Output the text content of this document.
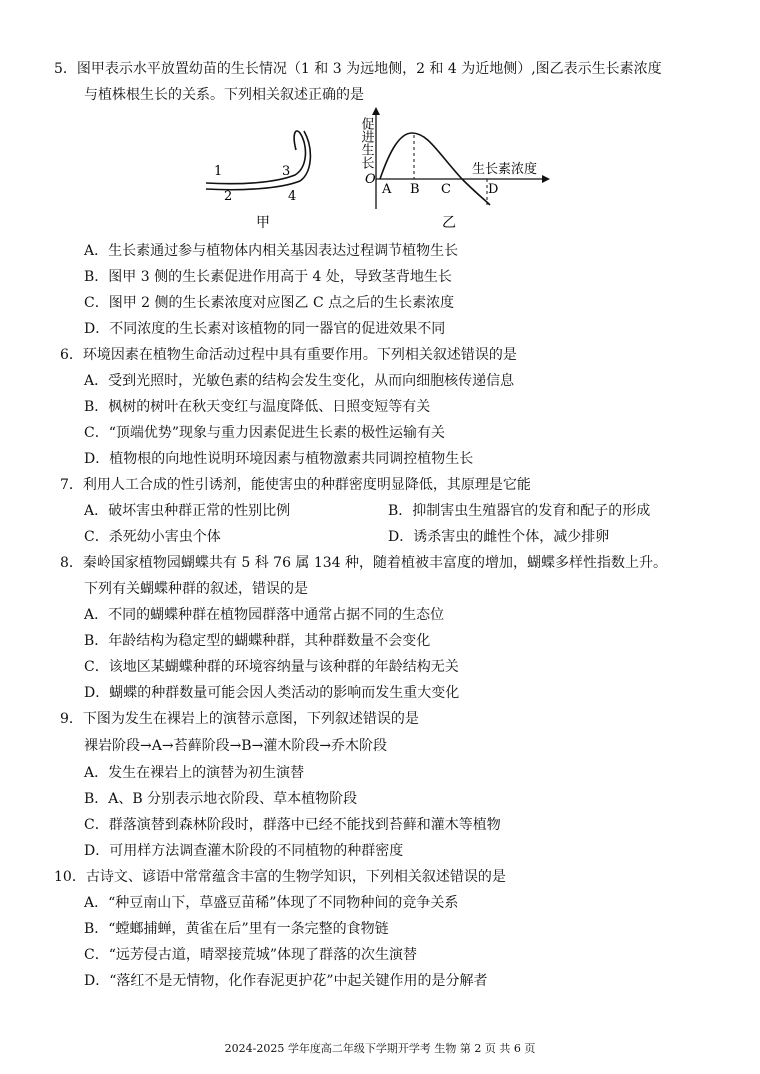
5．图甲表示水平放置幼苗的生长情况（1 和 3 为远地侧，2 和 4 为近地侧）,图乙表示生长素浓度
与植株根生长的关系。下列相关叙述正确的是
1
2
3
4
甲
促进生长
生长素浓度
O
A B C	D
乙
A．生长素通过参与植物体内相关基因表达过程调节植物生长
B．图甲 3 侧的生长素促进作用高于 4 处，导致茎背地生长
C．图甲 2 侧的生长素浓度对应图乙 C 点之后的生长素浓度
D．不同浓度的生长素对该植物的同一器官的促进效果不同
6．环境因素在植物生命活动过程中具有重要作用。下列相关叙述错误的是
A．受到光照时，光敏色素的结构会发生变化，从而向细胞核传递信息
B．枫树的树叶在秋天变红与温度降低、日照变短等有关
C．“顶端优势”现象与重力因素促进生长素的极性运输有关
D．植物根的向地性说明环境因素与植物激素共同调控植物生长
7．利用人工合成的性引诱剂，能使害虫的种群密度明显降低，其原理是它能
A．破坏害虫种群正常的性别比例	B．抑制害虫生殖器官的发育和配子的形成
C．杀死幼小害虫个体	D．诱杀害虫的雌性个体，减少排卵
8．秦岭国家植物园蝴蝶共有 5 科 76 属 134 种，随着植被丰富度的增加，蝴蝶多样性指数上升。
下列有关蝴蝶种群的叙述，错误的是
A．不同的蝴蝶种群在植物园群落中通常占据不同的生态位
B．年龄结构为稳定型的蝴蝶种群，其种群数量不会变化
C．该地区某蝴蝶种群的环境容纳量与该种群的年龄结构无关
D．蝴蝶的种群数量可能会因人类活动的影响而发生重大变化
9．下图为发生在裸岩上的演替示意图，下列叙述错误的是
裸岩阶段→A→苔藓阶段→B→灌木阶段→乔木阶段
A．发生在裸岩上的演替为初生演替
B．A、B 分别表示地衣阶段、草本植物阶段
C．群落演替到森林阶段时，群落中已经不能找到苔藓和灌木等植物
D．可用样方法调查灌木阶段的不同植物的种群密度
10．古诗文、谚语中常常蕴含丰富的生物学知识，下列相关叙述错误的是
A．“种豆南山下，草盛豆苗稀”体现了不同物种间的竞争关系
B．“螳螂捕蝉，黄雀在后”里有一条完整的食物链
C．“远芳侵古道，晴翠接荒城”体现了群落的次生演替
D．“落红不是无情物，化作春泥更护花”中起关键作用的是分解者
2024-2025 学年度高二年级下学期开学考 生物 第 2 页 共 6 页
